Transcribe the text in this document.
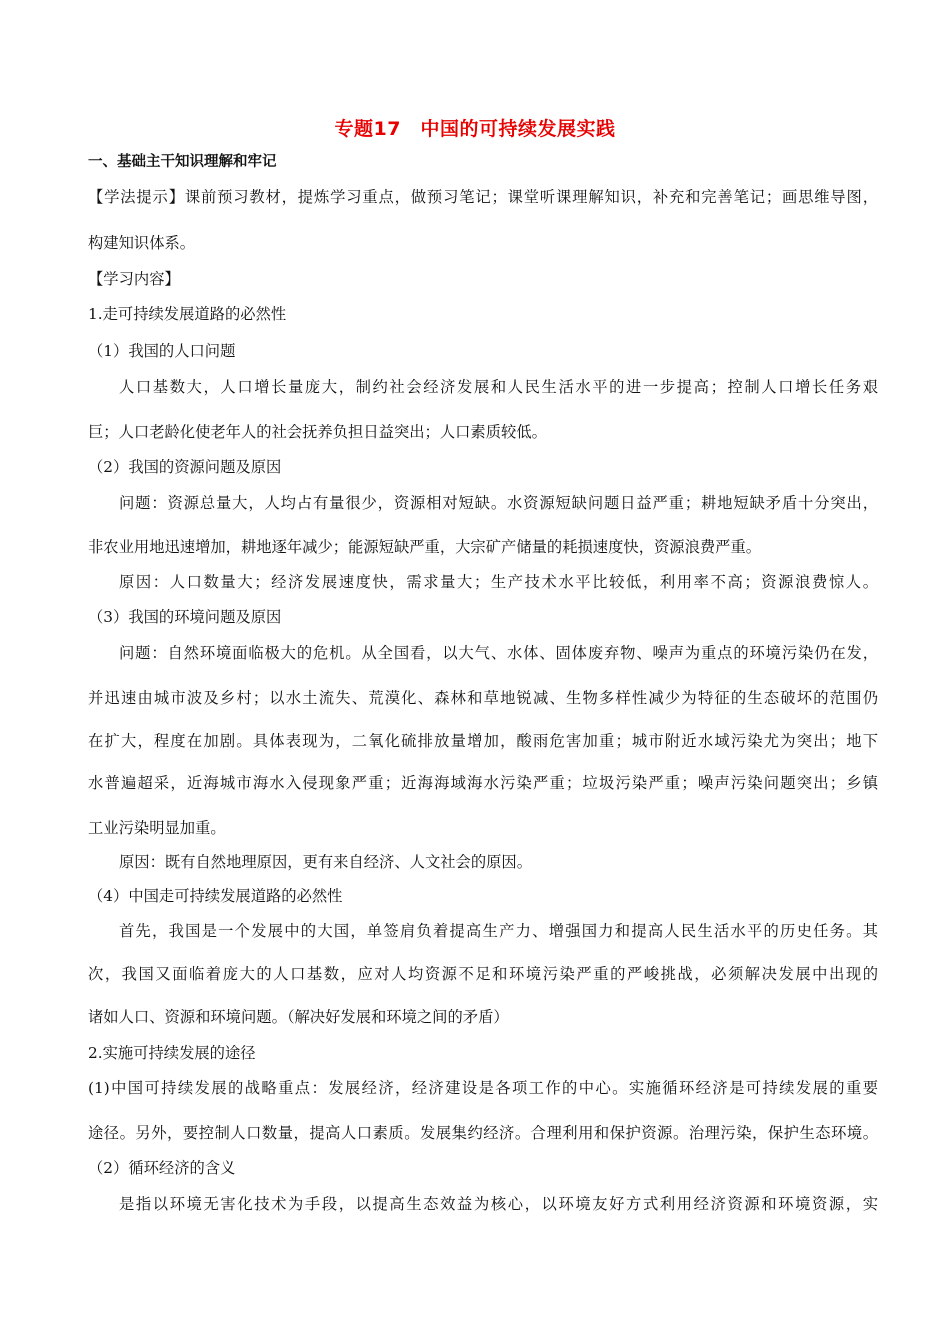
专题17　中国的可持续发展实践
一、基础主干知识理解和牢记
【学法提示】课前预习教材，提炼学习重点，做预习笔记；课堂听课理解知识，补充和完善笔记；画思维导图，
构建知识体系。
【学习内容】
1.走可持续发展道路的必然性
（1）我国的人口问题
人口基数大，人口增长量庞大，制约社会经济发展和人民生活水平的进一步提高；控制人口增长任务艰
巨；人口老龄化使老年人的社会抚养负担日益突出；人口素质较低。
（2）我国的资源问题及原因
问题：资源总量大，人均占有量很少，资源相对短缺。水资源短缺问题日益严重；耕地短缺矛盾十分突出，
非农业用地迅速增加，耕地逐年减少；能源短缺严重，大宗矿产储量的耗损速度快，资源浪费严重。
原因：人口数量大；经济发展速度快，需求量大；生产技术水平比较低，利用率不高；资源浪费惊人。
（3）我国的环境问题及原因
问题：自然环境面临极大的危机。从全国看，以大气、水体、固体废弃物、噪声为重点的环境污染仍在发，
并迅速由城市波及乡村；以水土流失、荒漠化、森林和草地锐减、生物多样性减少为特征的生态破坏的范围仍
在扩大，程度在加剧。具体表现为，二氧化硫排放量增加，酸雨危害加重；城市附近水域污染尤为突出；地下
水普遍超采，近海城市海水入侵现象严重；近海海域海水污染严重；垃圾污染严重；噪声污染问题突出；乡镇
工业污染明显加重。
原因：既有自然地理原因，更有来自经济、人文社会的原因。
（4）中国走可持续发展道路的必然性
首先，我国是一个发展中的大国，单签肩负着提高生产力、增强国力和提高人民生活水平的历史任务。其
次，我国又面临着庞大的人口基数，应对人均资源不足和环境污染严重的严峻挑战，必须解决发展中出现的
诸如人口、资源和环境问题。（解决好发展和环境之间的矛盾）
2.实施可持续发展的途径
(1)中国可持续发展的战略重点：发展经济，经济建设是各项工作的中心。实施循环经济是可持续发展的重要
途径。另外，要控制人口数量，提高人口素质。发展集约经济。合理利用和保护资源。治理污染，保护生态环境。
（2）循环经济的含义
是指以环境无害化技术为手段，以提高生态效益为核心，以环境友好方式利用经济资源和环境资源，实
